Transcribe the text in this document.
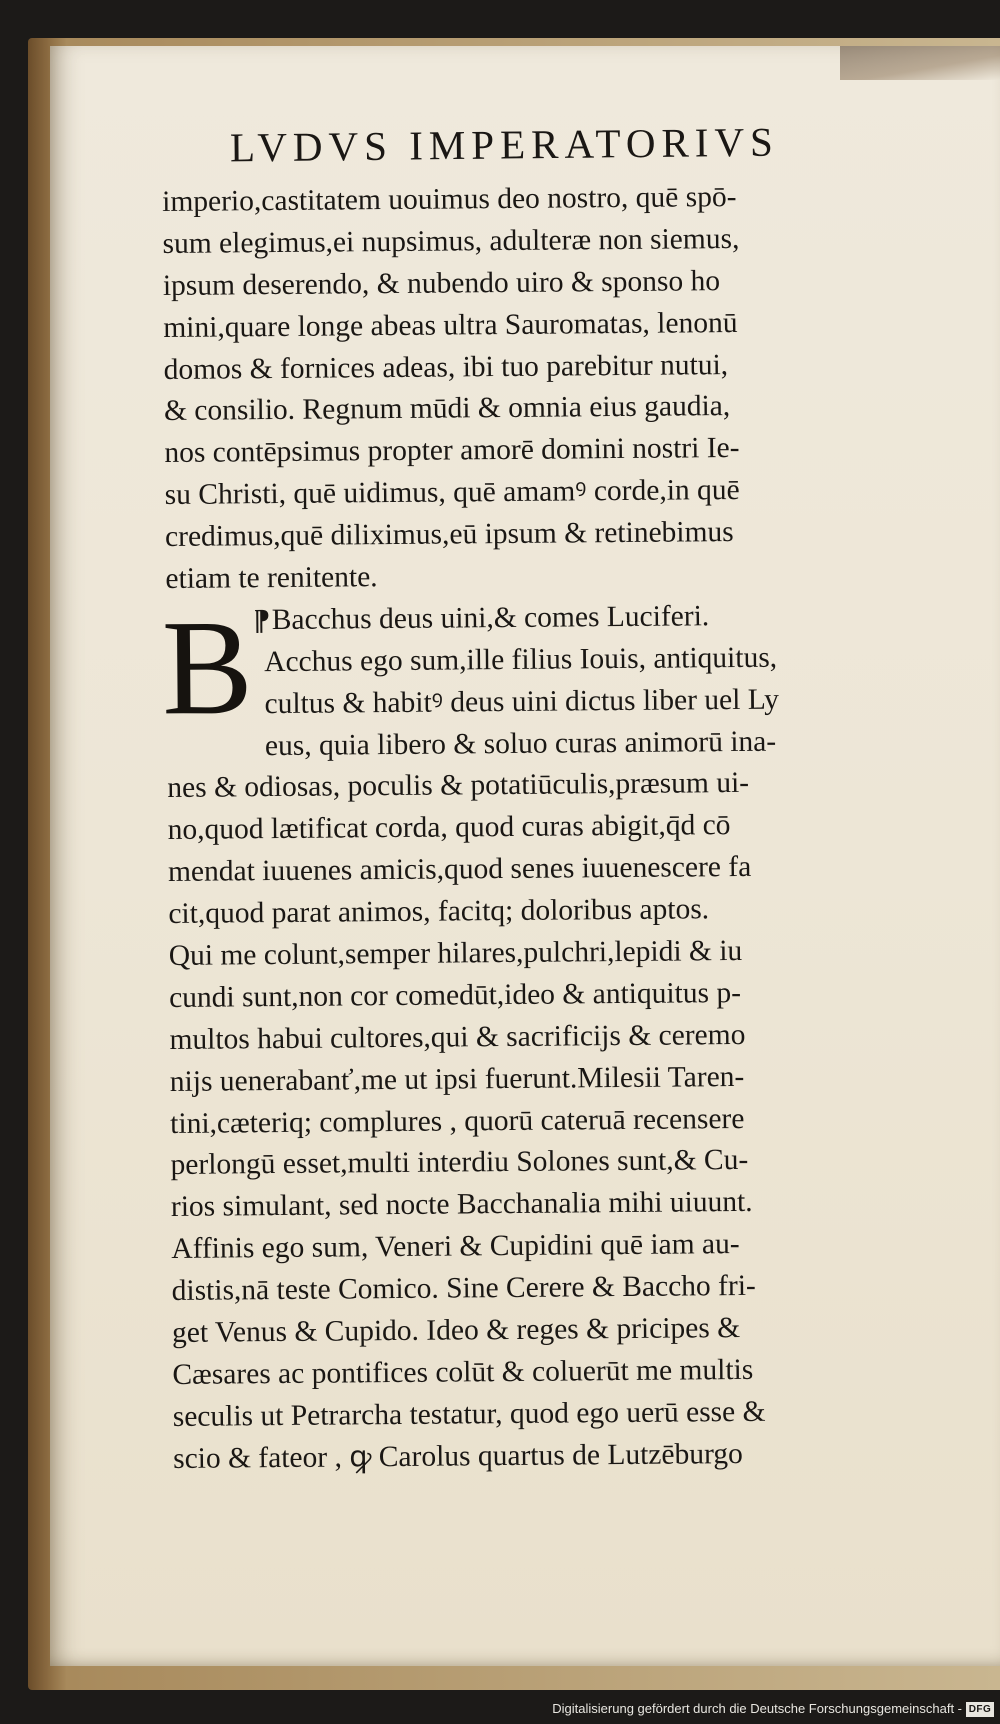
LVDVS IMPERATORIVS
B
imperio,castitatem uouimus deo nostro, quē spō-
sum elegimus,ei nupsimus, adulteræ non siemus,
ipsum deserendo, & nubendo uiro & sponso ho
mini,quare longe abeas ultra Sauromatas, lenonū
domos & fornices adeas, ibi tuo parebitur nutui,
& consilio. Regnum mūdi & omnia eius gaudia,
nos contēpsimus propter amorē domini nostri Ie-
su Christi, quē uidimus, quē amamꝰ corde,in quē
credimus,quē diliximus,eū ipsum & retinebimus
etiam te renitente.
¶Bacchus deus uini,& comes Luciferi.
Acchus ego sum,ille filius Iouis, antiquitus,
cultus & habitꝰ deus uini dictus liber uel Ly
eus, quia libero & soluo curas animorū ina-
nes & odiosas, poculis & potatiūculis,præsum ui-
no,quod lætificat corda, quod curas abigit,q̄d cō
mendat iuuenes amicis,quod senes iuuenescere fa
cit,quod parat animos, facitq; doloribus aptos.
Qui me colunt,semper hilares,pulchri,lepidi & iu
cundi sunt,non cor comedūt,ideo & antiquitus p-
multos habui cultores,qui & sacrificijs & ceremo
nijs uenerabanť,me ut ipsi fuerunt.Milesii Taren-
tini,cæteriq; complures , quorū cateruā recensere
perlongū esset,multi interdiu Solones sunt,& Cu-
rios simulant, sed nocte Bacchanalia mihi uiuunt.
Affinis ego sum, Veneri & Cupidini quē iam au-
distis,nā teste Comico. Sine Cerere & Baccho fri-
get Venus & Cupido. Ideo & reges & pricipes &
Cæsares ac pontifices colūt & coluerūt me multis
seculis ut Petrarcha testatur, quod ego uerū esse &
scio & fateor , ꝙ Carolus quartus de Lutzēburgo
Digitalisierung gefördert durch die Deutsche Forschungsgemeinschaft - DFG
